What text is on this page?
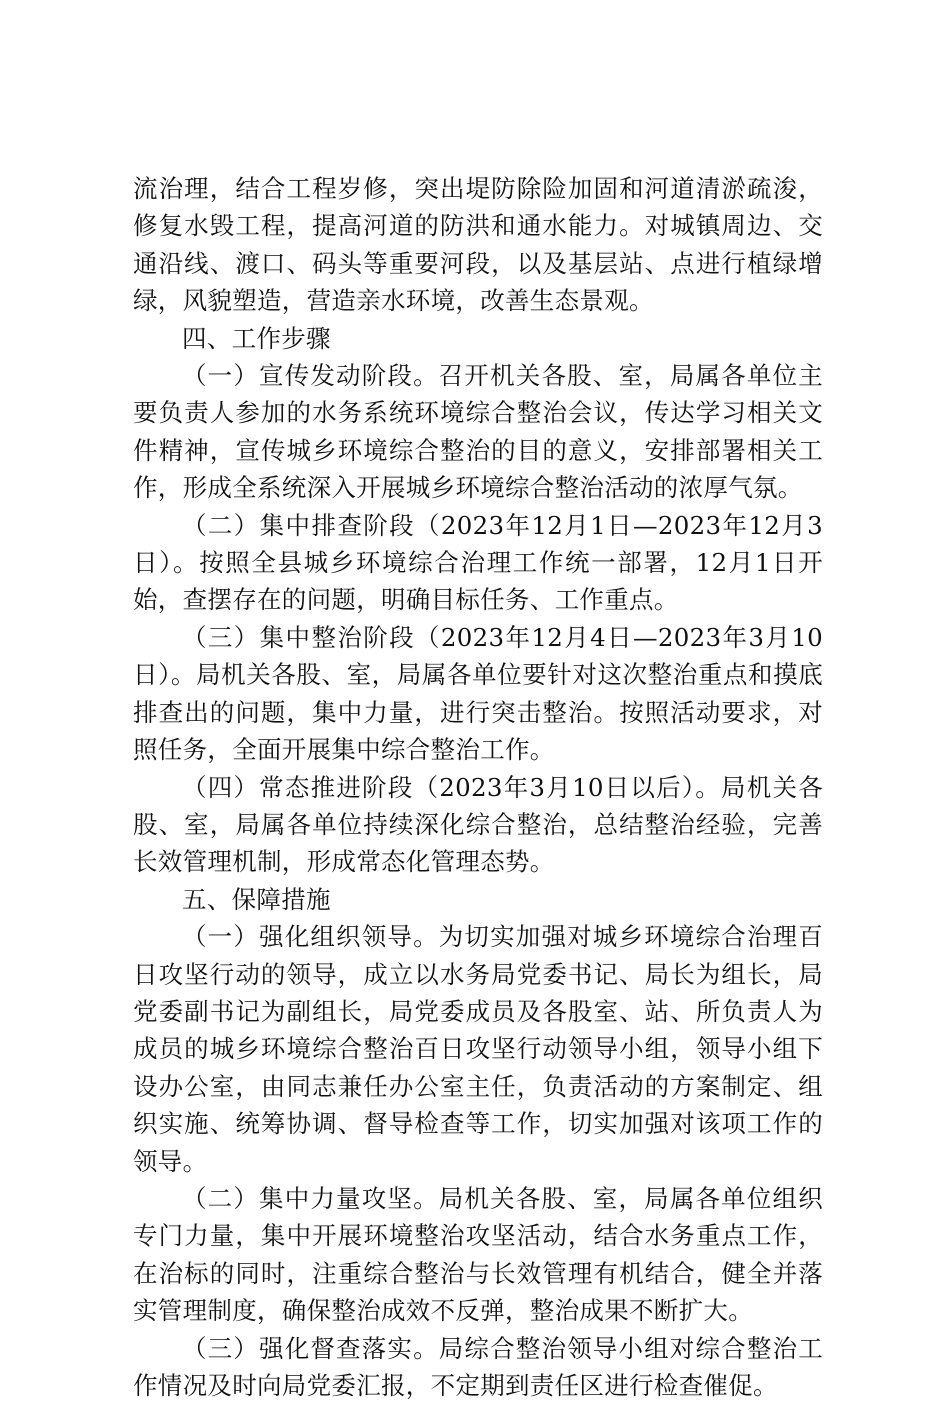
流治理，结合工程岁修，突出堤防除险加固和河道清淤疏浚，修复水毁工程，提高河道的防洪和通水能力。对城镇周边、交通沿线、渡口、码头等重要河段，以及基层站、点进行植绿增绿，风貌塑造，营造亲水环境，改善生态景观。

四、工作步骤

（一）宣传发动阶段。召开机关各股、室，局属各单位主要负责人参加的水务系统环境综合整治会议，传达学习相关文件精神，宣传城乡环境综合整治的目的意义，安排部署相关工作，形成全系统深入开展城乡环境综合整治活动的浓厚气氛。

（二）集中排查阶段（2023年12月1日—2023年12月3日）。按照全县城乡环境综合治理工作统一部署，12月1日开始，查摆存在的问题，明确目标任务、工作重点。

（三）集中整治阶段（2023年12月4日—2023年3月10日）。局机关各股、室，局属各单位要针对这次整治重点和摸底排查出的问题，集中力量，进行突击整治。按照活动要求，对照任务，全面开展集中综合整治工作。

（四）常态推进阶段（2023年3月10日以后）。局机关各股、室，局属各单位持续深化综合整治，总结整治经验，完善长效管理机制，形成常态化管理态势。

五、保障措施

（一）强化组织领导。为切实加强对城乡环境综合治理百日攻坚行动的领导，成立以水务局党委书记、局长为组长，局党委副书记为副组长，局党委成员及各股室、站、所负责人为成员的城乡环境综合整治百日攻坚行动领导小组，领导小组下设办公室，由同志兼任办公室主任，负责活动的方案制定、组织实施、统筹协调、督导检查等工作，切实加强对该项工作的领导。

（二）集中力量攻坚。局机关各股、室，局属各单位组织专门力量，集中开展环境整治攻坚活动，结合水务重点工作，在治标的同时，注重综合整治与长效管理有机结合，健全并落实管理制度，确保整治成效不反弹，整治成果不断扩大。

（三）强化督查落实。局综合整治领导小组对综合整治工作情况及时向局党委汇报，不定期到责任区进行检查催促。
